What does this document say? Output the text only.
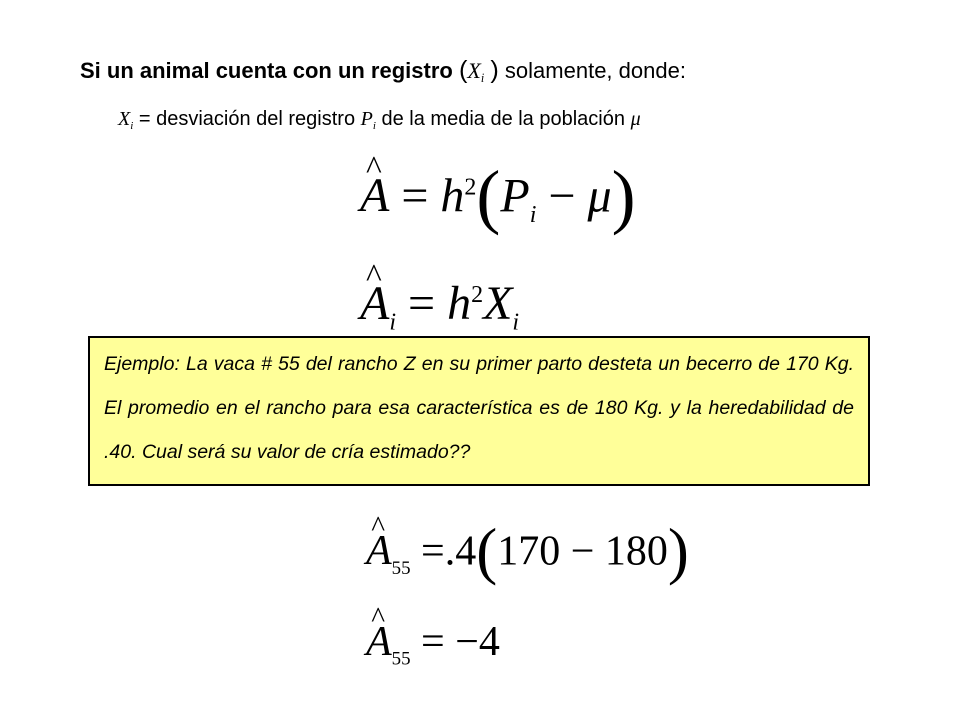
Si un animal cuenta con un registro ($X_i$ ) solamente, donde:
$X_i$ = desviación del registro $P_i$ de la media de la población μ
^ $A = h^2(P_i - \mu)$
^ $A_i = h^2X_i$
Ejemplo: La vaca # 55 del rancho Z en su primer parto desteta un becerro de 170 Kg. El promedio en el rancho para esa característica es de 180 Kg. y la heredabilidad de .40. Cual será su valor de cría estimado??
^ $A_{55} =.4(170 - 180)$
^ $A_{55} = -4$
